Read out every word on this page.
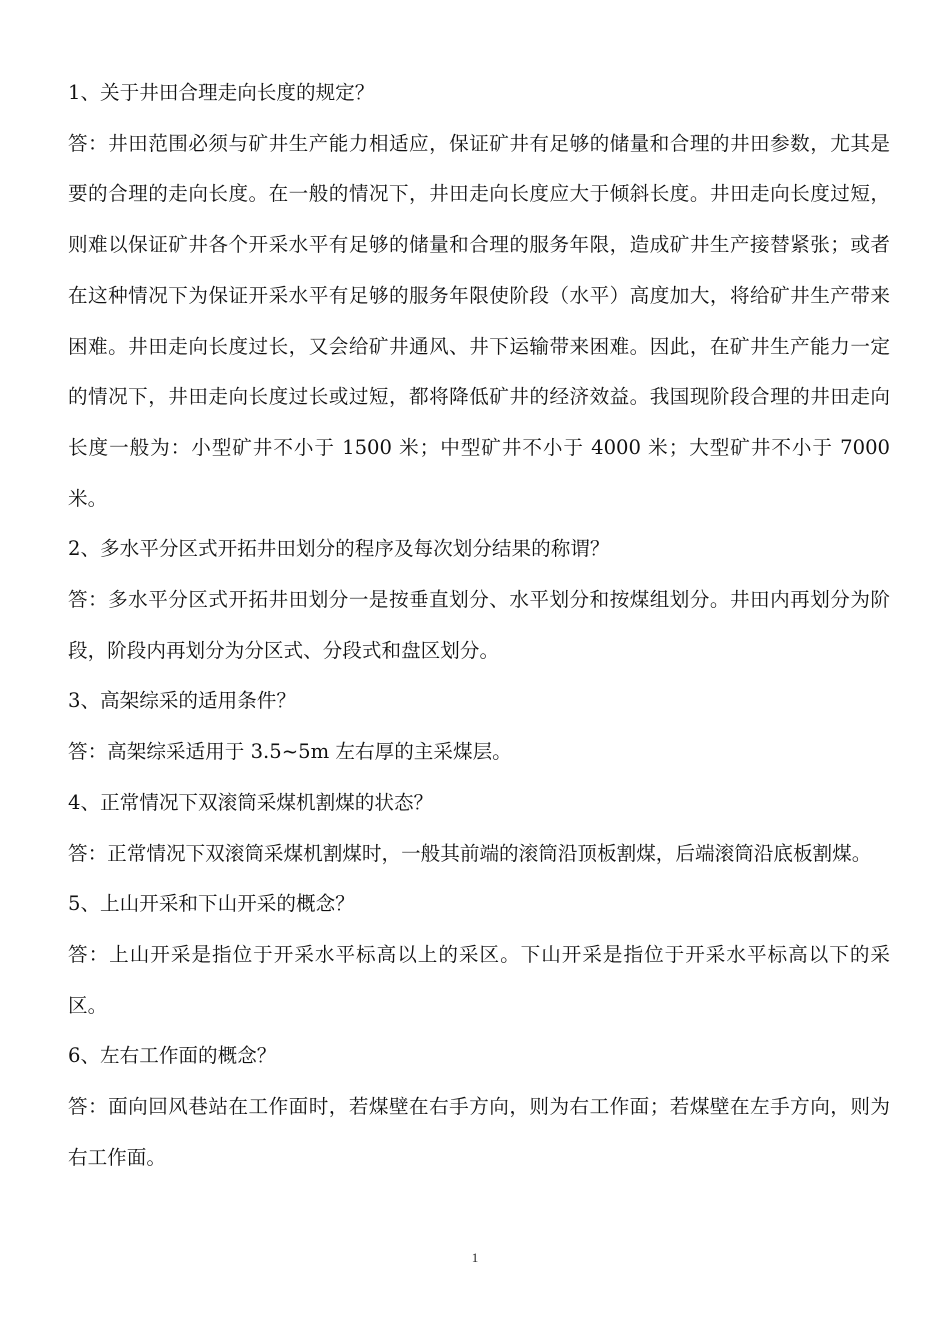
1、关于井田合理走向长度的规定？

答：井田范围必须与矿井生产能力相适应，保证矿井有足够的储量和合理的井田参数，尤其是要的合理的走向长度。在一般的情况下，井田走向长度应大于倾斜长度。井田走向长度过短，则难以保证矿井各个开采水平有足够的储量和合理的服务年限，造成矿井生产接替紧张；或者在这种情况下为保证开采水平有足够的服务年限使阶段（水平）高度加大，将给矿井生产带来困难。井田走向长度过长，又会给矿井通风、井下运输带来困难。因此，在矿井生产能力一定的情况下，井田走向长度过长或过短，都将降低矿井的经济效益。我国现阶段合理的井田走向长度一般为：小型矿井不小于 1500 米；中型矿井不小于 4000 米；大型矿井不小于 7000 米。

2、多水平分区式开拓井田划分的程序及每次划分结果的称谓？

答：多水平分区式开拓井田划分一是按垂直划分、水平划分和按煤组划分。井田内再划分为阶段，阶段内再划分为分区式、分段式和盘区划分。

3、高架综采的适用条件？

答：高架综采适用于 3.5~5m 左右厚的主采煤层。

4、正常情况下双滚筒采煤机割煤的状态？

答：正常情况下双滚筒采煤机割煤时，一般其前端的滚筒沿顶板割煤，后端滚筒沿底板割煤。

5、上山开采和下山开采的概念？

答：上山开采是指位于开采水平标高以上的采区。下山开采是指位于开采水平标高以下的采区。

6、左右工作面的概念？

答：面向回风巷站在工作面时，若煤壁在右手方向，则为右工作面；若煤壁在左手方向，则为右工作面。

1
